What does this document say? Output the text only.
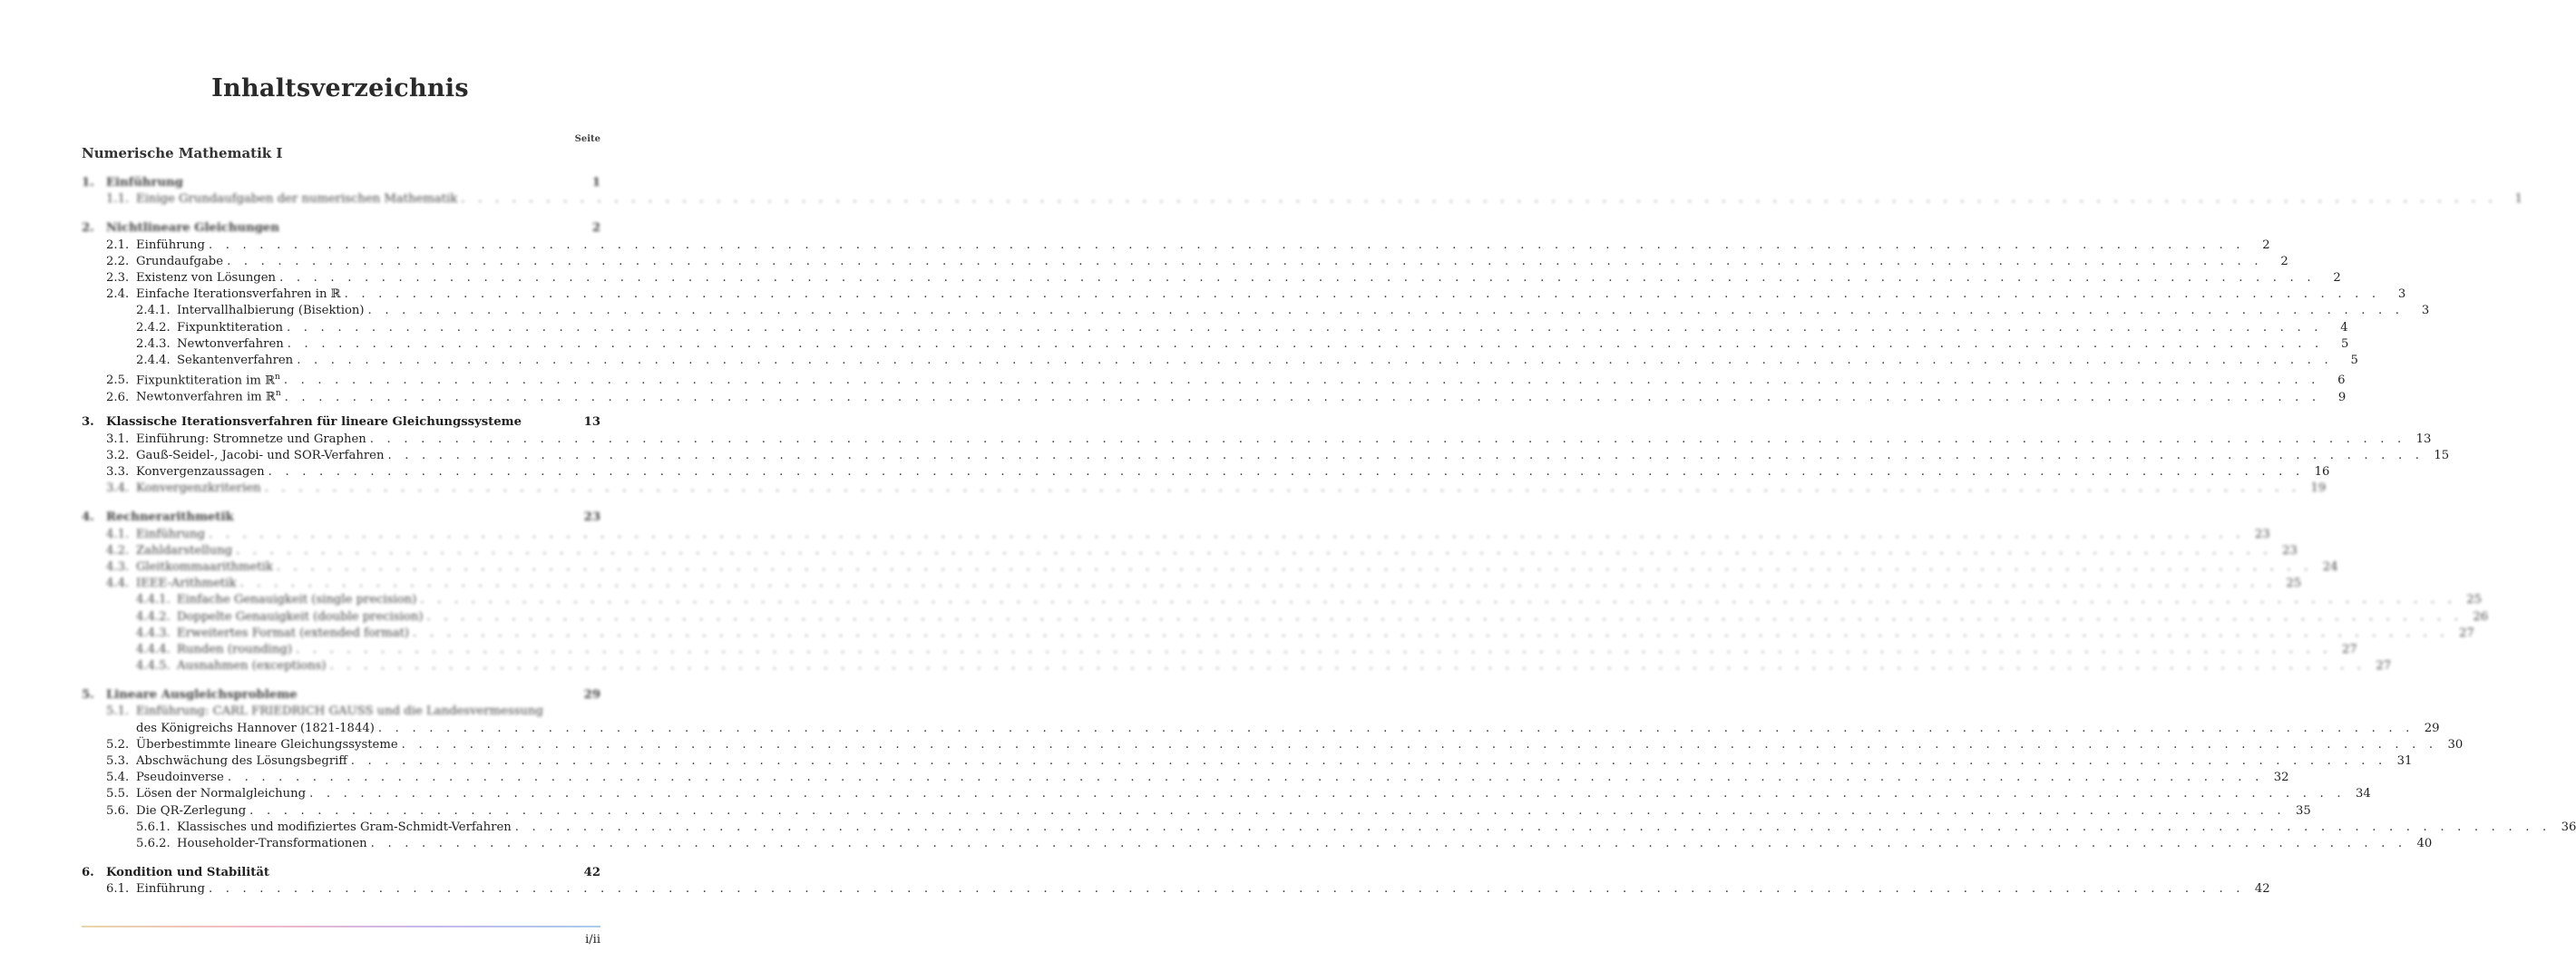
Inhaltsverzeichnis
Seite
Numerische Mathematik I
1.	Einführung	1
1.1. Einige Grundaufgaben der numerischen Mathematik . . . . . . . . . . . . . . . . . . . . . . . . . . . . . . . . . . . . . . . . . . . . . . . . . . . . . . . . . . . . . . . . . . . . . . . . . . . . . . . . . . . . . . . . . . . . . . . . . . . . . . . . . . . . . . . . . . . . . . . .	1
2.	Nichtlineare Gleichungen	2
2.1. Einführung . . . . . . . . . . . . . . . . . . . . . . . . . . . . . . . . . . . . . . . . . . . . . . . . . . . . . . . . . . . . . . . . . . . . . . . . . . . . . . . . . . . . . . . . . . . . . . . . . . . . . . . . . . . . . . . . . . . . . . . .	2
2.2. Grundaufgabe . . . . . . . . . . . . . . . . . . . . . . . . . . . . . . . . . . . . . . . . . . . . . . . . . . . . . . . . . . . . . . . . . . . . . . . . . . . . . . . . . . . . . . . . . . . . . . . . . . . . . . . . . . . . . . . . . . . . . . . .	2
2.3. Existenz von Lösungen . . . . . . . . . . . . . . . . . . . . . . . . . . . . . . . . . . . . . . . . . . . . . . . . . . . . . . . . . . . . . . . . . . . . . . . . . . . . . . . . . . . . . . . . . . . . . . . . . . . . . . . . . . . . . . . . . . . . . . . .	2
2.4. Einfache Iterationsverfahren in ℝ . . . . . . . . . . . . . . . . . . . . . . . . . . . . . . . . . . . . . . . . . . . . . . . . . . . . . . . . . . . . . . . . . . . . . . . . . . . . . . . . . . . . . . . . . . . . . . . . . . . . . . . . . . . . . . . . . . . . . . . .	3
2.4.1. Intervallhalbierung (Bisektion) . . . . . . . . . . . . . . . . . . . . . . . . . . . . . . . . . . . . . . . . . . . . . . . . . . . . . . . . . . . . . . . . . . . . . . . . . . . . . . . . . . . . . . . . . . . . . . . . . . . . . . . . . . . . . . . . . . . . . . . .	3
2.4.2. Fixpunktiteration . . . . . . . . . . . . . . . . . . . . . . . . . . . . . . . . . . . . . . . . . . . . . . . . . . . . . . . . . . . . . . . . . . . . . . . . . . . . . . . . . . . . . . . . . . . . . . . . . . . . . . . . . . . . . . . . . . . . . . . .	4
2.4.3. Newtonverfahren . . . . . . . . . . . . . . . . . . . . . . . . . . . . . . . . . . . . . . . . . . . . . . . . . . . . . . . . . . . . . . . . . . . . . . . . . . . . . . . . . . . . . . . . . . . . . . . . . . . . . . . . . . . . . . . . . . . . . . . .	5
2.4.4. Sekantenverfahren . . . . . . . . . . . . . . . . . . . . . . . . . . . . . . . . . . . . . . . . . . . . . . . . . . . . . . . . . . . . . . . . . . . . . . . . . . . . . . . . . . . . . . . . . . . . . . . . . . . . . . . . . . . . . . . . . . . . . . . .	5
2.5. Fixpunktiteration im ℝ$^n$ . . . . . . . . . . . . . . . . . . . . . . . . . . . . . . . . . . . . . . . . . . . . . . . . . . . . . . . . . . . . . . . . . . . . . . . . . . . . . . . . . . . . . . . . . . . . . . . . . . . . . . . . . . . . . . . . . . . . . . . .	6
2.6. Newtonverfahren im ℝ$^n$ . . . . . . . . . . . . . . . . . . . . . . . . . . . . . . . . . . . . . . . . . . . . . . . . . . . . . . . . . . . . . . . . . . . . . . . . . . . . . . . . . . . . . . . . . . . . . . . . . . . . . . . . . . . . . . . . . . . . . . . .	9
3.	Klassische Iterationsverfahren für lineare Gleichungssysteme	13
3.1. Einführung: Stromnetze und Graphen . . . . . . . . . . . . . . . . . . . . . . . . . . . . . . . . . . . . . . . . . . . . . . . . . . . . . . . . . . . . . . . . . . . . . . . . . . . . . . . . . . . . . . . . . . . . . . . . . . . . . . . . . . . . . . . . . . . . . . . . 13
3.2. Gauß-Seidel-, Jacobi- und SOR-Verfahren . . . . . . . . . . . . . . . . . . . . . . . . . . . . . . . . . . . . . . . . . . . . . . . . . . . . . . . . . . . . . . . . . . . . . . . . . . . . . . . . . . . . . . . . . . . . . . . . . . . . . . . . . . . . . . . . . . . . . . . . 15
3.3. Konvergenzaussagen . . . . . . . . . . . . . . . . . . . . . . . . . . . . . . . . . . . . . . . . . . . . . . . . . . . . . . . . . . . . . . . . . . . . . . . . . . . . . . . . . . . . . . . . . . . . . . . . . . . . . . . . . . . . . . . . . . . . . . . . 16
3.4. Konvergenzkriterien . . . . . . . . . . . . . . . . . . . . . . . . . . . . . . . . . . . . . . . . . . . . . . . . . . . . . . . . . . . . . . . . . . . . . . . . . . . . . . . . . . . . . . . . . . . . . . . . . . . . . . . . . . . . . . . . . . . . . . . . 19
4.	Rechnerarithmetik	23
4.1. Einführung . . . . . . . . . . . . . . . . . . . . . . . . . . . . . . . . . . . . . . . . . . . . . . . . . . . . . . . . . . . . . . . . . . . . . . . . . . . . . . . . . . . . . . . . . . . . . . . . . . . . . . . . . . . . . . . . . . . . . . . . 23
4.2. Zahldarstellung . . . . . . . . . . . . . . . . . . . . . . . . . . . . . . . . . . . . . . . . . . . . . . . . . . . . . . . . . . . . . . . . . . . . . . . . . . . . . . . . . . . . . . . . . . . . . . . . . . . . . . . . . . . . . . . . . . . . . . . . 23
4.3. Gleitkommaarithmetik . . . . . . . . . . . . . . . . . . . . . . . . . . . . . . . . . . . . . . . . . . . . . . . . . . . . . . . . . . . . . . . . . . . . . . . . . . . . . . . . . . . . . . . . . . . . . . . . . . . . . . . . . . . . . . . . . . . . . . . . 24
4.4. IEEE-Arithmetik . . . . . . . . . . . . . . . . . . . . . . . . . . . . . . . . . . . . . . . . . . . . . . . . . . . . . . . . . . . . . . . . . . . . . . . . . . . . . . . . . . . . . . . . . . . . . . . . . . . . . . . . . . . . . . . . . . . . . . . . 25
4.4.1. Einfache Genauigkeit (single precision) . . . . . . . . . . . . . . . . . . . . . . . . . . . . . . . . . . . . . . . . . . . . . . . . . . . . . . . . . . . . . . . . . . . . . . . . . . . . . . . . . . . . . . . . . . . . . . . . . . . . . . . . . . . . . . . . . . . . . . . . 25
4.4.2. Doppelte Genauigkeit (double precision) . . . . . . . . . . . . . . . . . . . . . . . . . . . . . . . . . . . . . . . . . . . . . . . . . . . . . . . . . . . . . . . . . . . . . . . . . . . . . . . . . . . . . . . . . . . . . . . . . . . . . . . . . . . . . . . . . . . . . . . . 26
4.4.3. Erweitertes Format (extended format) . . . . . . . . . . . . . . . . . . . . . . . . . . . . . . . . . . . . . . . . . . . . . . . . . . . . . . . . . . . . . . . . . . . . . . . . . . . . . . . . . . . . . . . . . . . . . . . . . . . . . . . . . . . . . . . . . . . . . . . . 27
4.4.4. Runden (rounding) . . . . . . . . . . . . . . . . . . . . . . . . . . . . . . . . . . . . . . . . . . . . . . . . . . . . . . . . . . . . . . . . . . . . . . . . . . . . . . . . . . . . . . . . . . . . . . . . . . . . . . . . . . . . . . . . . . . . . . . . 27
4.4.5. Ausnahmen (exceptions) . . . . . . . . . . . . . . . . . . . . . . . . . . . . . . . . . . . . . . . . . . . . . . . . . . . . . . . . . . . . . . . . . . . . . . . . . . . . . . . . . . . . . . . . . . . . . . . . . . . . . . . . . . . . . . . . . . . . . . . . 27
5.	Lineare Ausgleichsprobleme	29
5.1. Einführung: CARL FRIEDRICH GAUSS und die Landesvermessung
des Königreichs Hannover (1821-1844) . . . . . . . . . . . . . . . . . . . . . . . . . . . . . . . . . . . . . . . . . . . . . . . . . . . . . . . . . . . . . . . . . . . . . . . . . . . . . . . . . . . . . . . . . . . . . . . . . . . . . . . . . . . . . . . . . . . . . . . . 29
5.2. Überbestimmte lineare Gleichungssysteme . . . . . . . . . . . . . . . . . . . . . . . . . . . . . . . . . . . . . . . . . . . . . . . . . . . . . . . . . . . . . . . . . . . . . . . . . . . . . . . . . . . . . . . . . . . . . . . . . . . . . . . . . . . . . . . . . . . . . . . . 30
5.3. Abschwächung des Lösungsbegriff . . . . . . . . . . . . . . . . . . . . . . . . . . . . . . . . . . . . . . . . . . . . . . . . . . . . . . . . . . . . . . . . . . . . . . . . . . . . . . . . . . . . . . . . . . . . . . . . . . . . . . . . . . . . . . . . . . . . . . . . 31
5.4. Pseudoinverse . . . . . . . . . . . . . . . . . . . . . . . . . . . . . . . . . . . . . . . . . . . . . . . . . . . . . . . . . . . . . . . . . . . . . . . . . . . . . . . . . . . . . . . . . . . . . . . . . . . . . . . . . . . . . . . . . . . . . . . . 32
5.5. Lösen der Normalgleichung . . . . . . . . . . . . . . . . . . . . . . . . . . . . . . . . . . . . . . . . . . . . . . . . . . . . . . . . . . . . . . . . . . . . . . . . . . . . . . . . . . . . . . . . . . . . . . . . . . . . . . . . . . . . . . . . . . . . . . . . 34
5.6. Die QR-Zerlegung . . . . . . . . . . . . . . . . . . . . . . . . . . . . . . . . . . . . . . . . . . . . . . . . . . . . . . . . . . . . . . . . . . . . . . . . . . . . . . . . . . . . . . . . . . . . . . . . . . . . . . . . . . . . . . . . . . . . . . . . 35
5.6.1. Klassisches und modifiziertes Gram-Schmidt-Verfahren . . . . . . . . . . . . . . . . . . . . . . . . . . . . . . . . . . . . . . . . . . . . . . . . . . . . . . . . . . . . . . . . . . . . . . . . . . . . . . . . . . . . . . . . . . . . . . . . . . . . . . . . . . . . . . . . . . . . . . . . 36
5.6.2. Householder-Transformationen . . . . . . . . . . . . . . . . . . . . . . . . . . . . . . . . . . . . . . . . . . . . . . . . . . . . . . . . . . . . . . . . . . . . . . . . . . . . . . . . . . . . . . . . . . . . . . . . . . . . . . . . . . . . . . . . . . . . . . . . 40
6.	Kondition und Stabilität	42
6.1. Einführung . . . . . . . . . . . . . . . . . . . . . . . . . . . . . . . . . . . . . . . . . . . . . . . . . . . . . . . . . . . . . . . . . . . . . . . . . . . . . . . . . . . . . . . . . . . . . . . . . . . . . . . . . . . . . . . . . . . . . . . . 42
i/ii
